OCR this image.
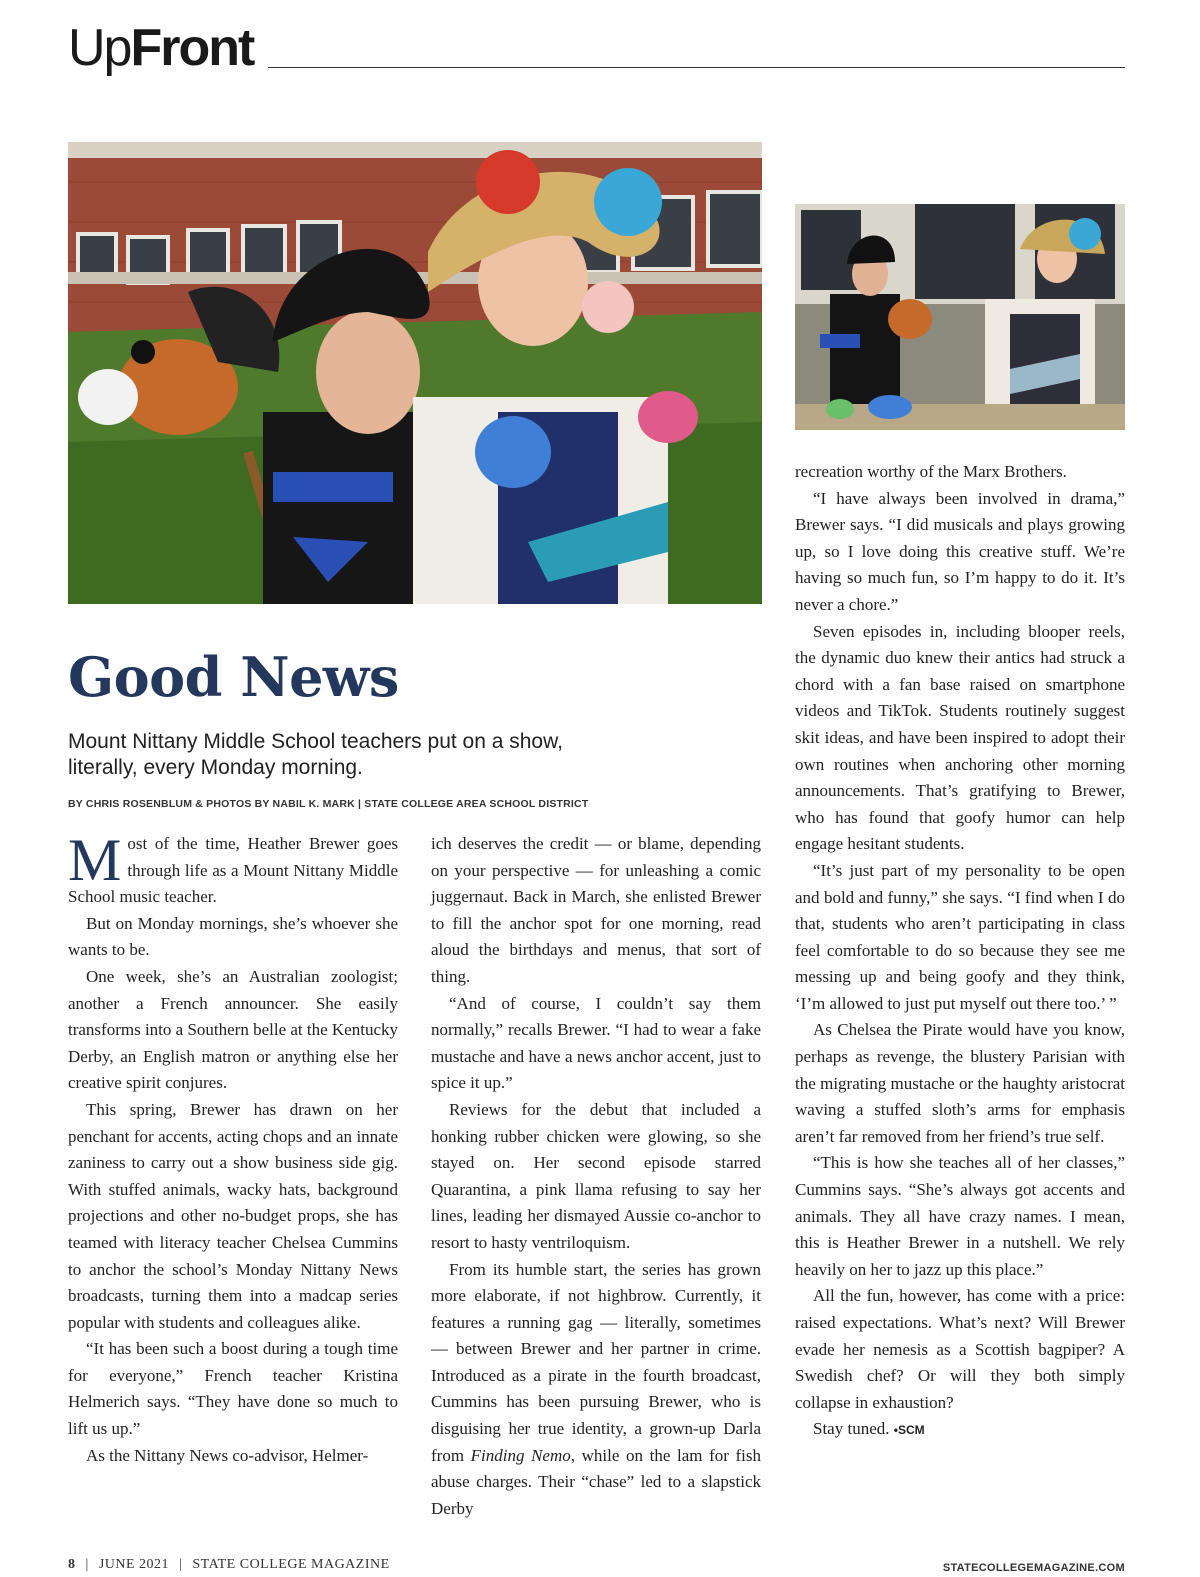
UpFront
Good News
Mount Nittany Middle School teachers put on a show, literally, every Monday morning.
BY CHRIS ROSENBLUM & PHOTOS BY NABIL K. MARK | STATE COLLEGE AREA SCHOOL DISTRICT

Most of the time, Heather Brewer goes through life as a Mount Nittany Middle School music teacher.

But on Monday mornings, she’s whoever she wants to be.

One week, she’s an Australian zoologist; another a French announcer. She easily transforms into a Southern belle at the Kentucky Derby, an English matron or anything else her creative spirit conjures.

This spring, Brewer has drawn on her penchant for accents, acting chops and an innate zaniness to carry out a show business side gig. With stuffed animals, wacky hats, background projections and other no-budget props, she has teamed with literacy teacher Chelsea Cummins to anchor the school’s Monday Nittany News broadcasts, turning them into a madcap series popular with students and colleagues alike.

“It has been such a boost during a tough time for everyone,” French teacher Kristina Helmerich says. “They have done so much to lift us up.”

As the Nittany News co-advisor, Helmer-

ich deserves the credit — or blame, depending on your perspective — for unleashing a comic juggernaut. Back in March, she enlisted Brewer to fill the anchor spot for one morning, read aloud the birthdays and menus, that sort of thing.

“And of course, I couldn’t say them normally,” recalls Brewer. “I had to wear a fake mustache and have a news anchor accent, just to spice it up.”

Reviews for the debut that included a honking rubber chicken were glowing, so she stayed on. Her second episode starred Quarantina, a pink llama refusing to say her lines, leading her dismayed Aussie co-anchor to resort to hasty ventriloquism.

From its humble start, the series has grown more elaborate, if not highbrow. Currently, it features a running gag — literally, sometimes — between Brewer and her partner in crime. Introduced as a pirate in the fourth broadcast, Cummins has been pursuing Brewer, who is disguising her true identity, a grown-up Darla from Finding Nemo, while on the lam for fish abuse charges. Their “chase” led to a slapstick Derby

recreation worthy of the Marx Brothers.

“I have always been involved in drama,” Brewer says. “I did musicals and plays growing up, so I love doing this creative stuff. We’re having so much fun, so I’m happy to do it. It’s never a chore.”

Seven episodes in, including blooper reels, the dynamic duo knew their antics had struck a chord with a fan base raised on smartphone videos and TikTok. Students routinely suggest skit ideas, and have been inspired to adopt their own routines when anchoring other morning announcements. That’s gratifying to Brewer, who has found that goofy humor can help engage hesitant students.

“It’s just part of my personality to be open and bold and funny,” she says. “I find when I do that, students who aren’t participating in class feel comfortable to do so because they see me messing up and being goofy and they think, ‘I’m allowed to just put myself out there too.’ ”

As Chelsea the Pirate would have you know, perhaps as revenge, the blustery Parisian with the migrating mustache or the haughty aristocrat waving a stuffed sloth’s arms for emphasis aren’t far removed from her friend’s true self.

“This is how she teaches all of her classes,” Cummins says. “She’s always got accents and animals. They all have crazy names. I mean, this is Heather Brewer in a nutshell. We rely heavily on her to jazz up this place.”

All the fun, however, has come with a price: raised expectations. What’s next? Will Brewer evade her nemesis as a Scottish bagpiper? A Swedish chef? Or will they both simply collapse in exhaustion?

Stay tuned. •SCM

8 | JUNE 2021 | STATE COLLEGE MAGAZINE	STATECOLLEGEMAGAZINE.COM
